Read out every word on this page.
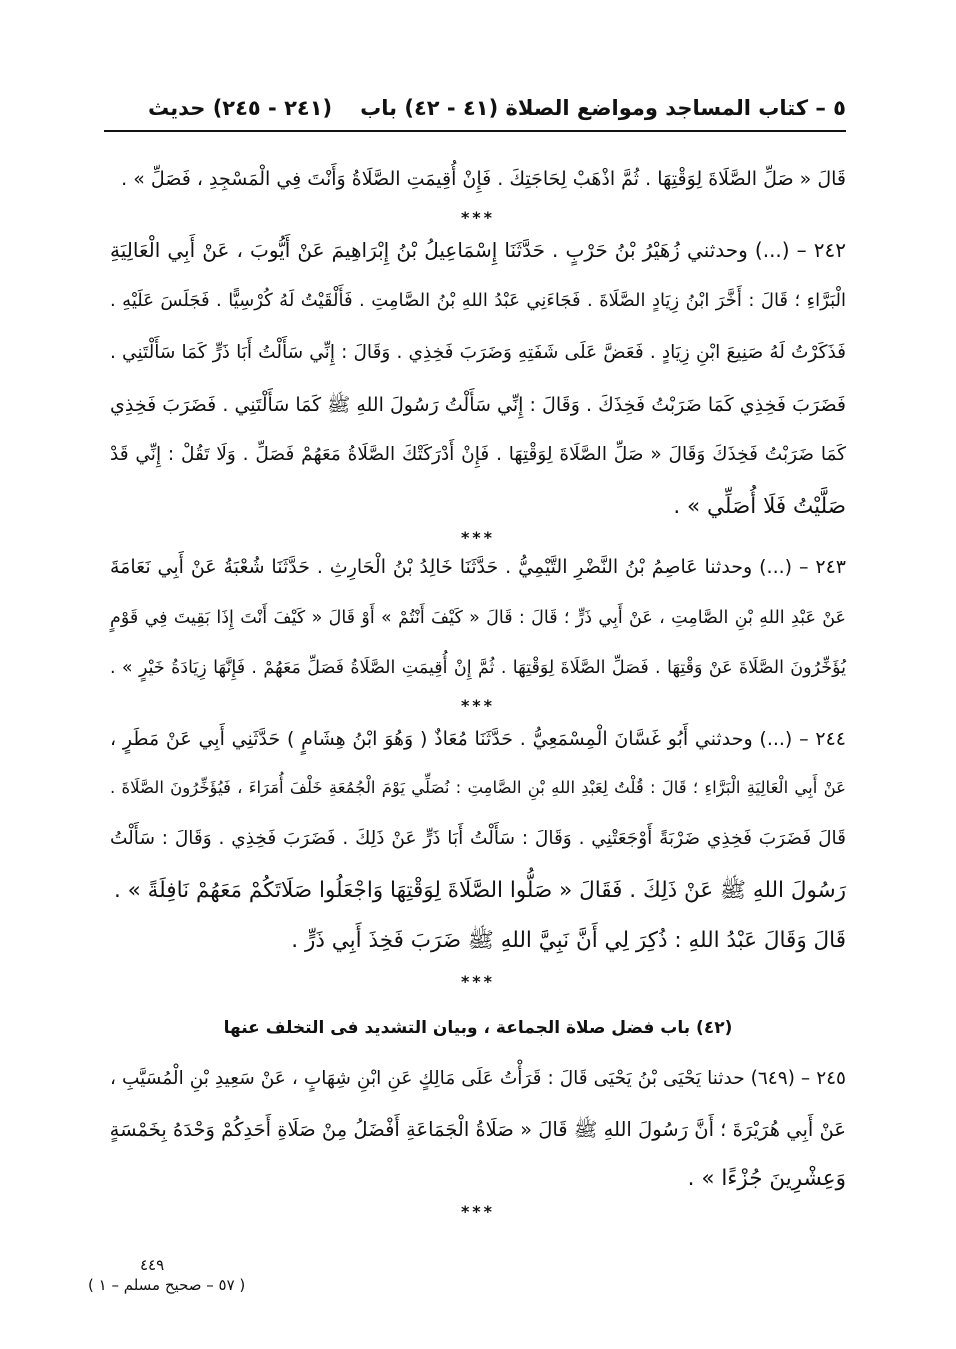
٥ – كتاب المساجد ومواضع الصلاة (٤١ - ٤٢) باب
(٢٤١ - ٢٤٥) حديث
قَالَ « صَلِّ الصَّلَاةَ لِوَقْتِهَا . ثُمَّ اذْهَبْ لِحَاجَتِكَ . فَإِنْ أُقِيمَتِ الصَّلَاةُ وَأَنْتَ فِي الْمَسْجِدِ ، فَصَلِّ » .
***
٢٤٢ – (...) وحدثني زُهَيْرُ بْنُ حَرْبٍ . حَدَّثَنَا إِسْمَاعِيلُ بْنُ إِبْرَاهِيمَ عَنْ أَيُّوبَ ، عَنْ أَبِي الْعَالِيَةِ
الْبَرَّاءِ ؛ قَالَ : أَخَّرَ ابْنُ زِيَادٍ الصَّلَاةَ . فَجَاءَنِي عَبْدُ اللهِ بْنُ الصَّامِتِ . فَأَلْقَيْتُ لَهُ كُرْسِيًّا . فَجَلَسَ عَلَيْهِ .
فَذَكَرْتُ لَهُ صَنِيعَ ابْنِ زِيَادٍ . فَعَضَّ عَلَى شَفَتِهِ وَضَرَبَ فَخِذِي . وَقَالَ : إِنِّي سَأَلْتُ أَبَا ذَرٍّ كَمَا سَأَلْتَنِي .
فَضَرَبَ فَخِذِي كَمَا ضَرَبْتُ فَخِذَكَ . وَقَالَ : إِنِّي سَأَلْتُ رَسُولَ اللهِ ﷺ كَمَا سَأَلْتَنِي . فَضَرَبَ فَخِذِي
كَمَا ضَرَبْتُ فَخِذَكَ وَقَالَ « صَلِّ الصَّلَاةَ لِوَقْتِهَا . فَإِنْ أَدْرَكَتْكَ الصَّلَاةُ مَعَهُمْ فَصَلِّ . وَلَا تَقُلْ : إِنِّي قَدْ
صَلَّيْتُ فَلَا أُصَلِّي » .
***
٢٤٣ – (...) وحدثنا عَاصِمُ بْنُ النَّضْرِ التَّيْمِيُّ . حَدَّثَنَا خَالِدُ بْنُ الْحَارِثِ . حَدَّثَنَا شُعْبَةُ عَنْ أَبِي نَعَامَةَ
عَنْ عَبْدِ اللهِ بْنِ الصَّامِتِ ، عَنْ أَبِي ذَرٍّ ؛ قَالَ : قَالَ « كَيْفَ أَنْتُمْ » أَوْ قَالَ « كَيْفَ أَنْتَ إِذَا بَقِيتَ فِي قَوْمٍ
يُؤَخِّرُونَ الصَّلَاةَ عَنْ وَقْتِهَا . فَصَلِّ الصَّلَاةَ لِوَقْتِهَا . ثُمَّ إِنْ أُقِيمَتِ الصَّلَاةُ فَصَلِّ مَعَهُمْ . فَإِنَّهَا زِيَادَةُ خَيْرٍ » .
***
٢٤٤ – (...) وحدثني أَبُو غَسَّانَ الْمِسْمَعِيُّ . حَدَّثَنَا مُعَاذٌ ( وَهُوَ ابْنُ هِشَامٍ ) حَدَّثَنِي أَبِي عَنْ مَطَرٍ ،
عَنْ أَبِي الْعَالِيَةِ الْبَرَّاءِ ؛ قَالَ : قُلْتُ لِعَبْدِ اللهِ بْنِ الصَّامِتِ : نُصَلِّي يَوْمَ الْجُمُعَةِ خَلْفَ أُمَرَاءَ ، فَيُؤَخِّرُونَ الصَّلَاةَ .
قَالَ فَضَرَبَ فَخِذِي ضَرْبَةً أَوْجَعَتْنِي . وَقَالَ : سَأَلْتُ أَبَا ذَرٍّ عَنْ ذَلِكَ . فَضَرَبَ فَخِذِي . وَقَالَ : سَأَلْتُ
رَسُولَ اللهِ ﷺ عَنْ ذَلِكَ . فَقَالَ « صَلُّوا الصَّلَاةَ لِوَقْتِهَا وَاجْعَلُوا صَلَاتَكُمْ مَعَهُمْ نَافِلَةً » .
قَالَ وَقَالَ عَبْدُ اللهِ : ذُكِرَ لِي أَنَّ نَبِيَّ اللهِ ﷺ ضَرَبَ فَخِذَ أَبِي ذَرٍّ .
***
(٤٢) باب فضل صلاة الجماعة ، وبيان التشديد فى التخلف عنها
٢٤٥ – (٦٤٩) حدثنا يَحْيَى بْنُ يَحْيَى قَالَ : قَرَأْتُ عَلَى مَالِكٍ عَنِ ابْنِ شِهَابٍ ، عَنْ سَعِيدِ بْنِ الْمُسَيَّبِ ،
عَنْ أَبِي هُرَيْرَةَ ؛ أَنَّ رَسُولَ اللهِ ﷺ قَالَ « صَلَاةُ الْجَمَاعَةِ أَفْضَلُ مِنْ صَلَاةِ أَحَدِكُمْ وَحْدَهُ بِخَمْسَةٍ
وَعِشْرِينَ جُزْءًا » .
***
٤٤٩
( ٥٧ – صحيح مسلم – ١ )
